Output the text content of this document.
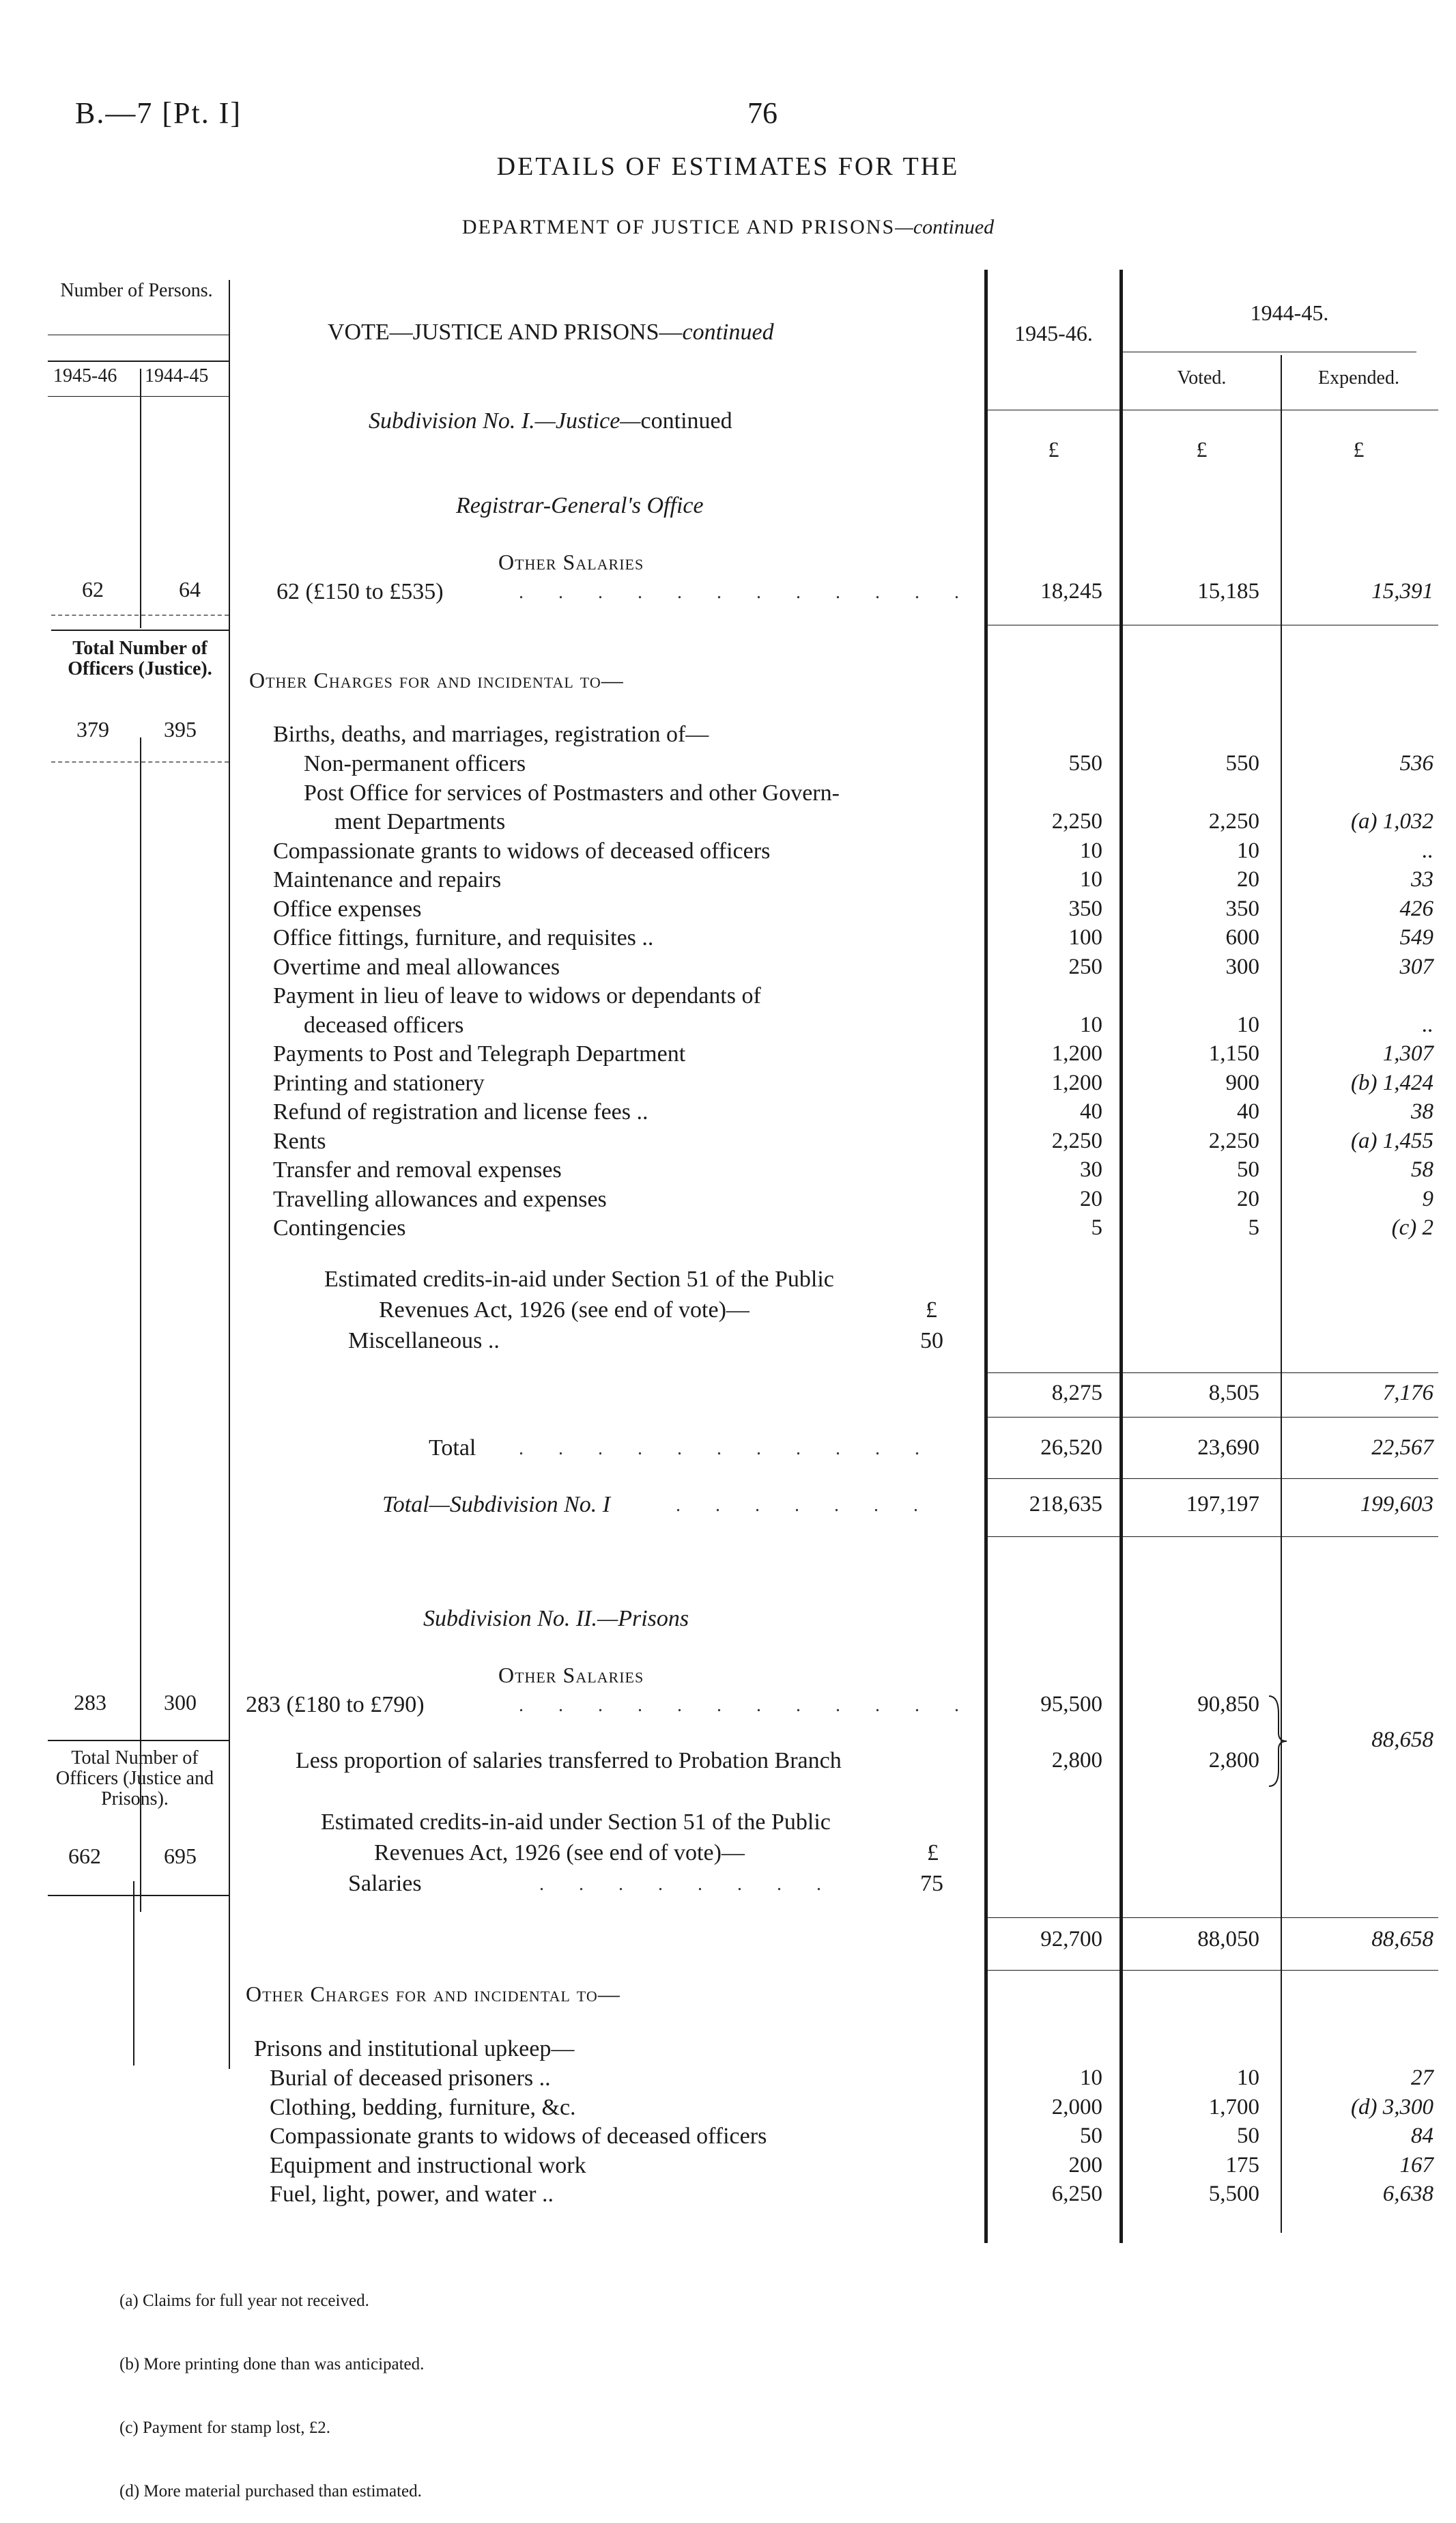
B.—7 [Pt. I]	76
DETAILS OF ESTIMATES FOR THE
DEPARTMENT OF JUSTICE AND PRISONS—continued
Number of Persons.
1945-46 1944-45
62	64
Total Number of Officers (Justice).
379	395
283	300
Total Number of Officers (Justice and Prisons).
662	695
VOTE—JUSTICE AND PRISONS—continued	1945-46.
1944-45.
Voted.	Expended.
£	£	£
Subdivision No. I.—Justice—continued
Registrar-General's Office
Other Salaries
62 (£150 to £535)	. . . . . . . . . . . .	18,245	15,185	15,391
Other Charges for and incidental to—
Births, deaths, and marriages, registration of—
Non-permanent officers	550	550	536
Post Office for services of Postmasters and other Govern-
ment Departments	2,250	2,250	(a) 1,032
Compassionate grants to widows of deceased officers	10	10	..
Maintenance and repairs	10	20	33
Office expenses	350	350	426
Office fittings, furniture, and requisites ..	100	600	549
Overtime and meal allowances	250	300	307
Payment in lieu of leave to widows or dependants of
deceased officers	10	10	..
Payments to Post and Telegraph Department	1,200	1,150	1,307
Printing and stationery	1,200	900	(b) 1,424
Refund of registration and license fees ..	40	40	38
Rents	2,250	2,250	(a) 1,455
Transfer and removal expenses	30	50	58
Travelling allowances and expenses	20	20	9
Contingencies	5	5	(c) 2
Estimated credits-in-aid under Section 51 of the Public
Revenues Act, 1926 (see end of vote)—	£
Miscellaneous ..	50
8,275	8,505	7,176
Total . . . . . . . . . . .	26,520	23,690	22,567
Total—Subdivision No. I	. . . . . . .	218,635	197,197	199,603
Subdivision No. II.—Prisons
Other Salaries
283 (£180 to £790)	. . . . . . . . . . . .	95,500	90,850
88,658
Less proportion of salaries transferred to Probation Branch	2,800	2,800
Estimated credits-in-aid under Section 51 of the Public
Revenues Act, 1926 (see end of vote)—	£
Salaries	. . . . . . . .	75
92,700	88,050	88,658
Other Charges for and incidental to—
Prisons and institutional upkeep—
Burial of deceased prisoners ..	10	10	27
Clothing, bedding, furniture, &c.	2,000	1,700	(d) 3,300
Compassionate grants to widows of deceased officers	50	50	84
Equipment and instructional work	200	175	167
Fuel, light, power, and water ..	6,250	5,500	6,638

(a) Claims for full year not received.

(b) More printing done than was anticipated.

(c) Payment for stamp lost, £2.

(d) More material purchased than estimated.
